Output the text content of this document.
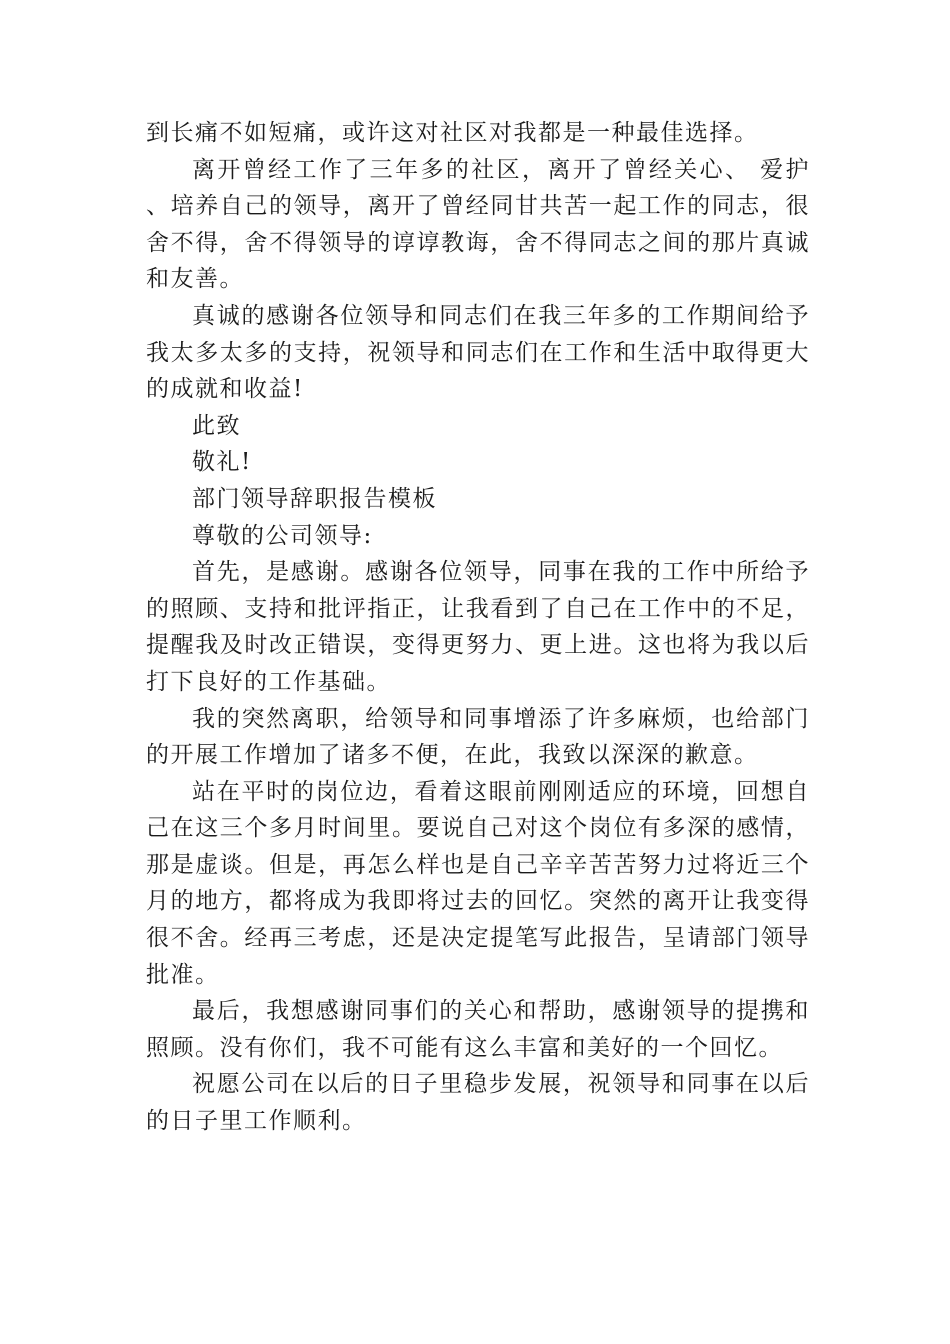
到长痛不如短痛，或许这对社区对我都是一种最佳选择。

离开曾经工作了三年多的社区，离开了曾经关心、 爱护 、培养自己的领导，离开了曾经同甘共苦一起工作的同志，很舍不得，舍不得领导的谆谆教诲，舍不得同志之间的那片真诚和友善。

真诚的感谢各位领导和同志们在我三年多的工作期间给予我太多太多的支持，祝领导和同志们在工作和生活中取得更大的成就和收益!

此致

敬礼!

部门领导辞职报告模板

尊敬的公司领导:

首先，是感谢。感谢各位领导，同事在我的工作中所给予的照顾、支持和批评指正，让我看到了自己在工作中的不足，提醒我及时改正错误，变得更努力、更上进。这也将为我以后打下良好的工作基础。

我的突然离职，给领导和同事增添了许多麻烦，也给部门的开展工作增加了诸多不便，在此，我致以深深的歉意。

站在平时的岗位边，看着这眼前刚刚适应的环境，回想自己在这三个多月时间里。要说自己对这个岗位有多深的感情，那是虚谈。但是，再怎么样也是自己辛辛苦苦努力过将近三个月的地方，都将成为我即将过去的回忆。突然的离开让我变得很不舍。经再三考虑，还是决定提笔写此报告，呈请部门领导批准。

最后，我想感谢同事们的关心和帮助，感谢领导的提携和照顾。没有你们，我不可能有这么丰富和美好的一个回忆。

祝愿公司在以后的日子里稳步发展，祝领导和同事在以后的日子里工作顺利。
